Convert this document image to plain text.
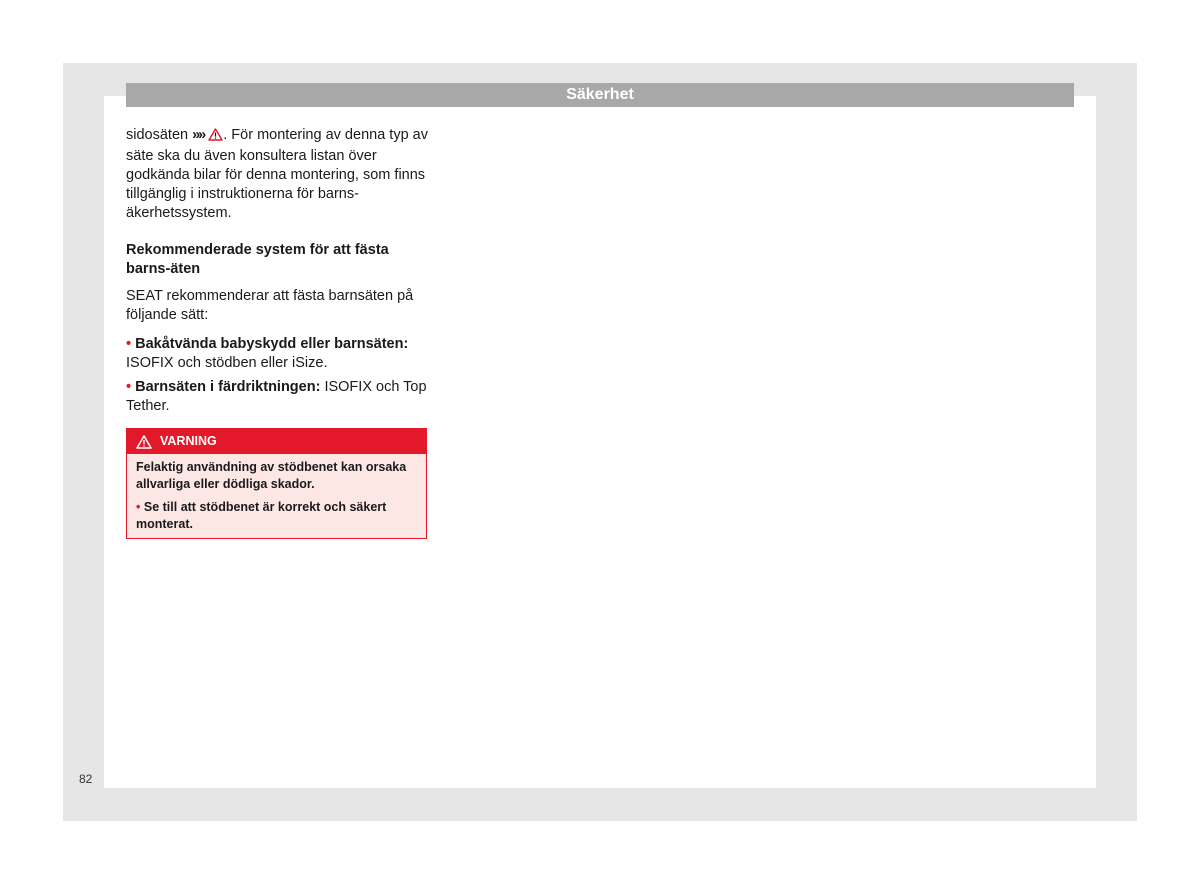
Säkerhet

sidosäten »» . För montering av denna typ av säte ska du även konsultera listan över godkända bilar för denna montering, som finns tillgänglig i instruktionerna för barns-äkerhetssystem.

Rekommenderade system för att fästa barns-äten

SEAT rekommenderar att fästa barnsäten på följande sätt:

• Bakåtvända babyskydd eller barnsäten: ISOFIX och stödben eller iSize.

• Barnsäten i färdriktningen: ISOFIX och Top Tether.

VARNING

Felaktig användning av stödbenet kan orsaka allvarliga eller dödliga skador.

• Se till att stödbenet är korrekt och säkert monterat.

82
